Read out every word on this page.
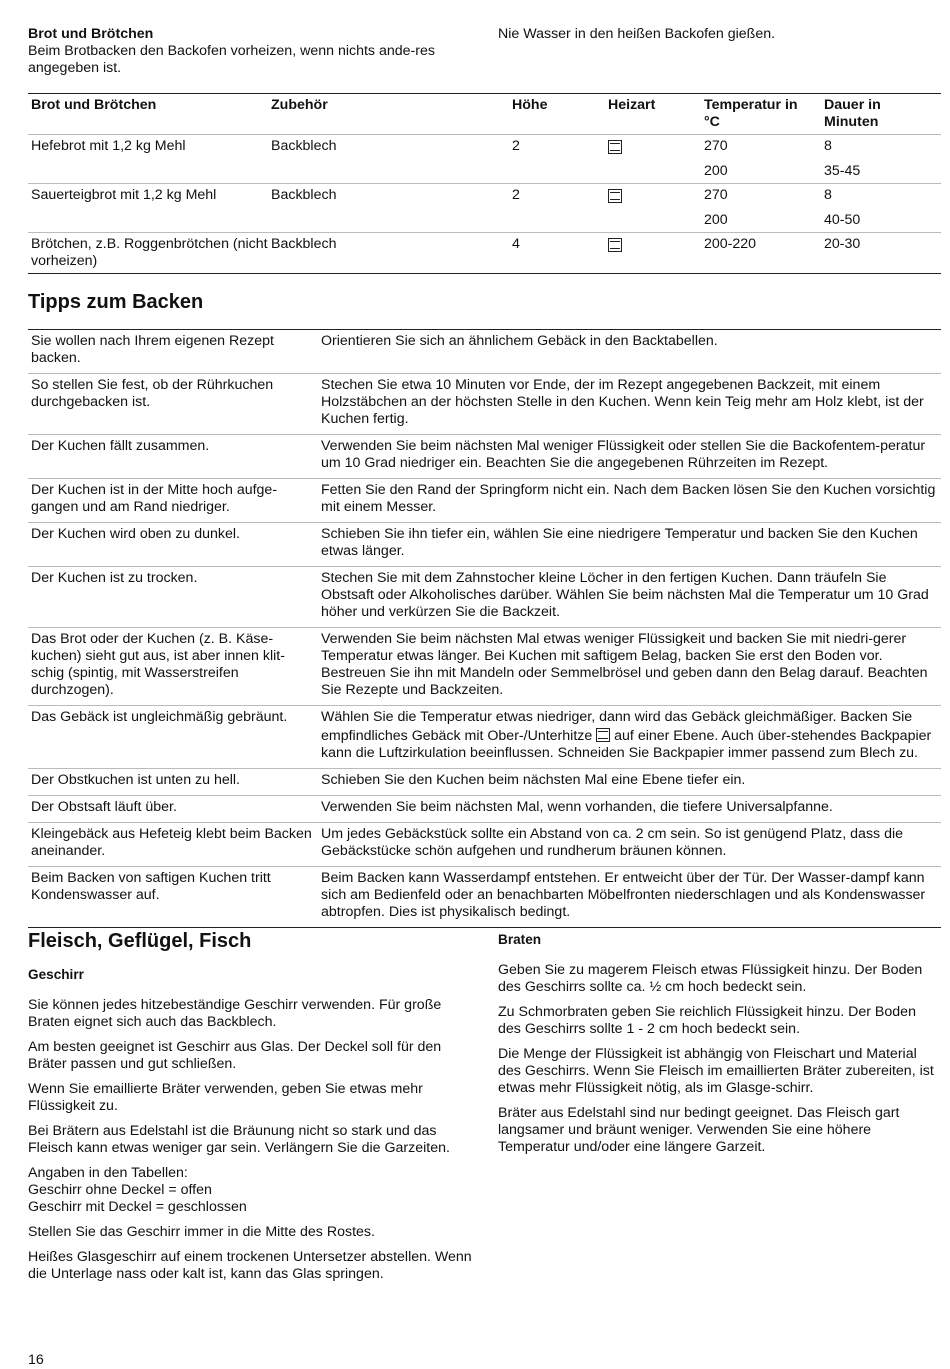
Brot und Brötchen

Beim Brotbacken den Backofen vorheizen, wenn nichts ande-res angegeben ist.

Nie Wasser in den heißen Backofen gießen.
Brot und Brötchen	Zubehör	Höhe	Heizart	Temperatur in °C	Dauer in Minuten
Hefebrot mit 1,2 kg Mehl	Backblech	2		270	8
				200	35-45
Sauerteigbrot mit 1,2 kg Mehl	Backblech	2		270	8
				200	40-50
Brötchen, z.B. Roggenbrötchen (nicht vorheizen)	Backblech	4		200-220	20-30
Tipps zum Backen
Sie wollen nach Ihrem eigenen Rezept backen.	Orientieren Sie sich an ähnlichem Gebäck in den Backtabellen.
So stellen Sie fest, ob der Rührkuchen durchgebacken ist.	Stechen Sie etwa 10 Minuten vor Ende, der im Rezept angegebenen Backzeit, mit einem Holzstäbchen an der höchsten Stelle in den Kuchen. Wenn kein Teig mehr am Holz klebt, ist der Kuchen fertig.
Der Kuchen fällt zusammen.	Verwenden Sie beim nächsten Mal weniger Flüssigkeit oder stellen Sie die Backofentem-peratur um 10 Grad niedriger ein. Beachten Sie die angegebenen Rührzeiten im Rezept.
Der Kuchen ist in der Mitte hoch aufge-gangen und am Rand niedriger.	Fetten Sie den Rand der Springform nicht ein. Nach dem Backen lösen Sie den Kuchen vorsichtig mit einem Messer.
Der Kuchen wird oben zu dunkel.	Schieben Sie ihn tiefer ein, wählen Sie eine niedrigere Temperatur und backen Sie den Kuchen etwas länger.
Der Kuchen ist zu trocken.	Stechen Sie mit dem Zahnstocher kleine Löcher in den fertigen Kuchen. Dann träufeln Sie Obstsaft oder Alkoholisches darüber. Wählen Sie beim nächsten Mal die Temperatur um 10 Grad höher und verkürzen Sie die Backzeit.
Das Brot oder der Kuchen (z. B. Käse-kuchen) sieht gut aus, ist aber innen klit-schig (spintig, mit Wasserstreifen durchzogen).	Verwenden Sie beim nächsten Mal etwas weniger Flüssigkeit und backen Sie mit niedri-gerer Temperatur etwas länger. Bei Kuchen mit saftigem Belag, backen Sie erst den Boden vor. Bestreuen Sie ihn mit Mandeln oder Semmelbrösel und geben dann den Belag darauf. Beachten Sie Rezepte und Backzeiten.
Das Gebäck ist ungleichmäßig gebräunt.	Wählen Sie die Temperatur etwas niedriger, dann wird das Gebäck gleichmäßiger. Backen Sie empfindliches Gebäck mit Ober-/Unterhitze auf einer Ebene. Auch über-stehendes Backpapier kann die Luftzirkulation beeinflussen. Schneiden Sie Backpapier immer passend zum Blech zu.
Der Obstkuchen ist unten zu hell.	Schieben Sie den Kuchen beim nächsten Mal eine Ebene tiefer ein.
Der Obstsaft läuft über.	Verwenden Sie beim nächsten Mal, wenn vorhanden, die tiefere Universalpfanne.
Kleingebäck aus Hefeteig klebt beim Backen aneinander.	Um jedes Gebäckstück sollte ein Abstand von ca. 2 cm sein. So ist genügend Platz, dass die Gebäckstücke schön aufgehen und rundherum bräunen können.
Beim Backen von saftigen Kuchen tritt Kondenswasser auf.	Beim Backen kann Wasserdampf entstehen. Er entweicht über der Tür. Der Wasser-dampf kann sich am Bedienfeld oder an benachbarten Möbelfronten niederschlagen und als Kondenswasser abtropfen. Dies ist physikalisch bedingt.
Fleisch, Geflügel, Fisch
Geschirr

Sie können jedes hitzebeständige Geschirr verwenden. Für große Braten eignet sich auch das Backblech.

Am besten geeignet ist Geschirr aus Glas. Der Deckel soll für den Bräter passen und gut schließen.

Wenn Sie emaillierte Bräter verwenden, geben Sie etwas mehr Flüssigkeit zu.

Bei Brätern aus Edelstahl ist die Bräunung nicht so stark und das Fleisch kann etwas weniger gar sein. Verlängern Sie die Garzeiten.

Angaben in den Tabellen:
Geschirr ohne Deckel = offen
Geschirr mit Deckel = geschlossen

Stellen Sie das Geschirr immer in die Mitte des Rostes.

Heißes Glasgeschirr auf einem trockenen Untersetzer abstellen. Wenn die Unterlage nass oder kalt ist, kann das Glas springen.

Braten

Geben Sie zu magerem Fleisch etwas Flüssigkeit hinzu. Der Boden des Geschirrs sollte ca. ½ cm hoch bedeckt sein.

Zu Schmorbraten geben Sie reichlich Flüssigkeit hinzu. Der Boden des Geschirrs sollte 1 - 2 cm hoch bedeckt sein.

Die Menge der Flüssigkeit ist abhängig von Fleischart und Material des Geschirrs. Wenn Sie Fleisch im emaillierten Bräter zubereiten, ist etwas mehr Flüssigkeit nötig, als im Glasge-schirr.

Bräter aus Edelstahl sind nur bedingt geeignet. Das Fleisch gart langsamer und bräunt weniger. Verwenden Sie eine höhere Temperatur und/oder eine längere Garzeit.

16
